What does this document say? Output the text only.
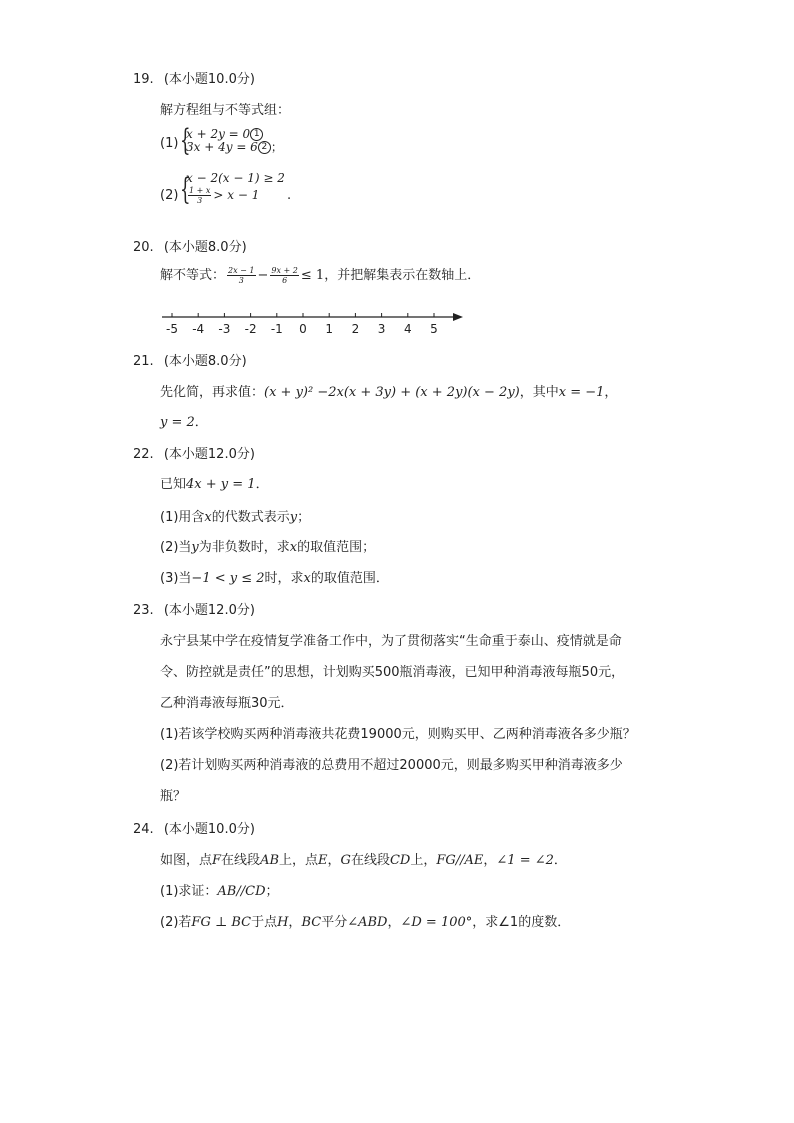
19. (本小题10.0分)
解方程组与不等式组：
(1) {
x + 2y = 0 1
3x + 4y = 6 2 ；
(2) {
x − 2(x − 1) ≥ 2
$\frac{1 + x}{3} > x - 1$	.
20. (本小题8.0分)
解不等式： $\frac{2x - 1}{3} - \frac{9x + 2}{6} \le 1$，并把解集表示在数轴上．
-5 -4 -3 -2 -1 0 1 2 3 4 5
21. (本小题8.0分)
先化简，再求值：(x + y)² −2x(x + 3y) + (x + 2y)(x − 2y)，其中x = −1，
y = 2．
22. (本小题12.0分)
已知4x + y = 1．
(1)用含x的代数式表示y；
(2)当y为非负数时，求x的取值范围；
(3)当−1 < y ≤ 2时，求x的取值范围．
23. (本小题12.0分)
永宁县某中学在疫情复学准备工作中，为了贯彻落实“生命重于泰山、疫情就是命
令、防控就是责任”的思想，计划购买500瓶消毒液，已知甲种消毒液每瓶50元，
乙种消毒液每瓶30元．
(1)若该学校购买两种消毒液共花费19000元，则购买甲、乙两种消毒液各多少瓶？
(2)若计划购买两种消毒液的总费用不超过20000元，则最多购买甲种消毒液多少
瓶？
24. (本小题10.0分)
如图，点F在线段AB上，点E，G在线段CD上，FG//AE，∠1 = ∠2．
(1)求证：AB//CD；
(2)若FG ⊥ BC于点H，BC平分∠ABD，∠D = 100°，求∠1的度数．
